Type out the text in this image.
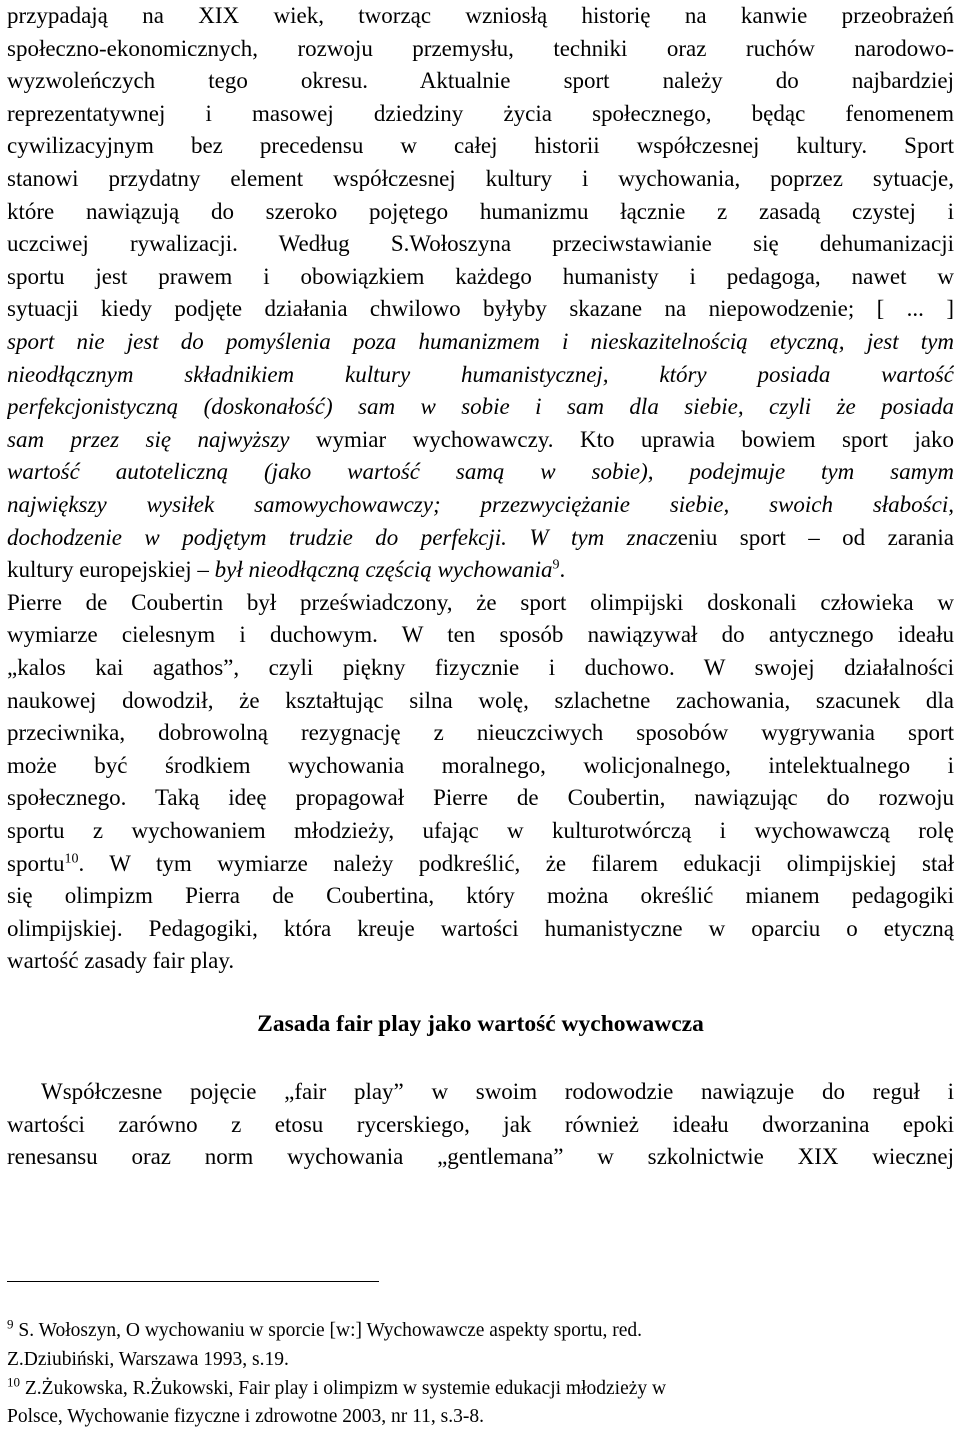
przypadają na XIX wiek, tworząc wzniosłą historię na kanwie przeobrażeń
społeczno-ekonomicznych, rozwoju przemysłu, techniki oraz ruchów narodowo-
wyzwoleńczych tego okresu. Aktualnie sport należy do najbardziej
reprezentatywnej i masowej dziedziny życia społecznego, będąc fenomenem
cywilizacyjnym bez precedensu w całej historii współczesnej kultury. Sport
stanowi przydatny element współczesnej kultury i wychowania, poprzez sytuacje,
które nawiązują do szeroko pojętego humanizmu łącznie z zasadą czystej i
uczciwej rywalizacji. Według S.Wołoszyna przeciwstawianie się dehumanizacji
sportu jest prawem i obowiązkiem każdego humanisty i pedagoga, nawet w
sytuacji kiedy podjęte działania chwilowo byłyby skazane na niepowodzenie; [ ... ]
sport nie jest do pomyślenia poza humanizmem i nieskazitelnością etyczną, jest tym
nieodłącznym składnikiem kultury humanistycznej, który posiada wartość
perfekcjonistyczną (doskonałość) sam w sobie i sam dla siebie, czyli że posiada
sam przez się najwyższy wymiar wychowawczy. Kto uprawia bowiem sport jako
wartość autoteliczną (jako wartość samą w sobie), podejmuje tym samym
największy wysiłek samowychowawczy; przezwyciężanie siebie, swoich słabości,
dochodzenie w podjętym trudzie do perfekcji. W tym znaczeniu sport – od zarania
kultury europejskiej – był nieodłączną częścią wychowania$^9$.
Pierre de Coubertin był przeświadczony, że sport olimpijski doskonali człowieka w
wymiarze cielesnym i duchowym. W ten sposób nawiązywał do antycznego ideału
„kalos kai agathos”, czyli piękny fizycznie i duchowo. W swojej działalności
naukowej dowodził, że kształtując silna wolę, szlachetne zachowania, szacunek dla
przeciwnika, dobrowolną rezygnację z nieuczciwych sposobów wygrywania sport
może być środkiem wychowania moralnego, wolicjonalnego, intelektualnego i
społecznego. Taką ideę propagował Pierre de Coubertin, nawiązując do rozwoju
sportu z wychowaniem młodzieży, ufając w kulturotwórczą i wychowawczą rolę
sportu$^{10}$. W tym wymiarze należy podkreślić, że filarem edukacji olimpijskiej stał
się olimpizm Pierra de Coubertina, który można określić mianem pedagogiki
olimpijskiej. Pedagogiki, która kreuje wartości humanistyczne w oparciu o etyczną
wartość zasady fair play.
Zasada fair play jako wartość wychowawcza
Współczesne pojęcie „fair play” w swoim rodowodzie nawiązuje do reguł i
wartości zarówno z etosu rycerskiego, jak również ideału dworzanina epoki
renesansu oraz norm wychowania „gentlemana” w szkolnictwie XIX wiecznej
$^9$ S. Wołoszyn, O wychowaniu w sporcie [w:] Wychowawcze aspekty sportu, red.
Z.Dziubiński, Warszawa 1993, s.19.
$^{10}$ Z.Żukowska, R.Żukowski, Fair play i olimpizm w systemie edukacji młodzieży w
Polsce, Wychowanie fizyczne i zdrowotne 2003, nr 11, s.3-8.
